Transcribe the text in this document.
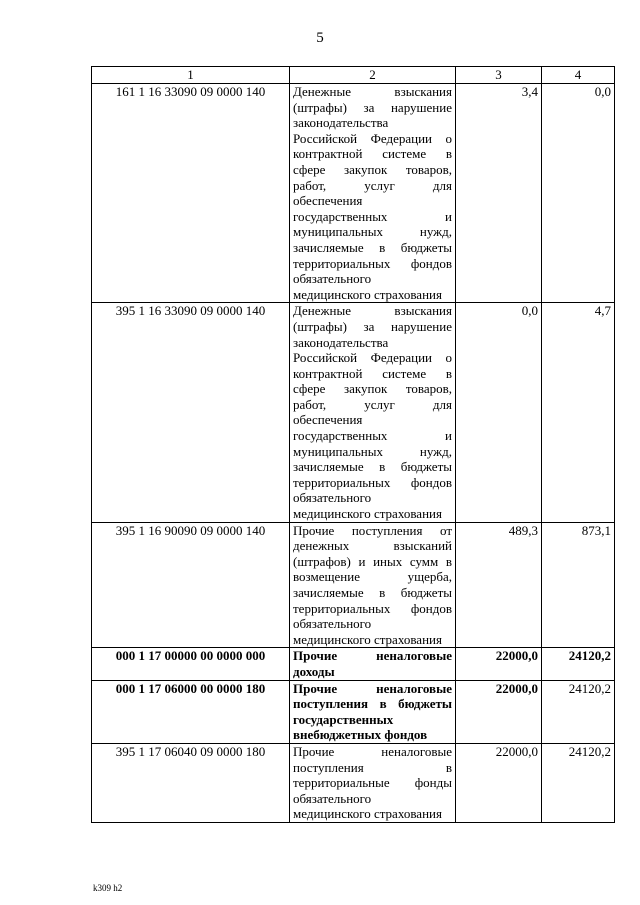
5
1	2	3	4
161 1 16 33090 09 0000 140	Денежные взыскания (штрафы) за нарушение законодательства Российской Федерации о контрактной системе в сфере закупок товаров, работ, услуг для обеспечения государственных и муниципальных нужд, зачисляемые в бюджеты территориальных фондов обязательного медицинского страхования	3,4	0,0
395 1 16 33090 09 0000 140	Денежные взыскания (штрафы) за нарушение законодательства Российской Федерации о контрактной системе в сфере закупок товаров, работ, услуг для обеспечения государственных и муниципальных нужд, зачисляемые в бюджеты территориальных фондов обязательного медицинского страхования	0,0	4,7
395 1 16 90090 09 0000 140	Прочие поступления от денежных взысканий (штрафов) и иных сумм в возмещение ущерба, зачисляемые в бюджеты территориальных фондов обязательного медицинского страхования	489,3	873,1
000 1 17 00000 00 0000 000	Прочие неналоговые доходы	22000,0	24120,2
000 1 17 06000 00 0000 180	Прочие неналоговые поступления в бюджеты государственных внебюджетных фондов	22000,0	24120,2
395 1 17 06040 09 0000 180	Прочие неналоговые поступления в территориальные фонды обязательного медицинского страхования	22000,0	24120,2
k309 h2
